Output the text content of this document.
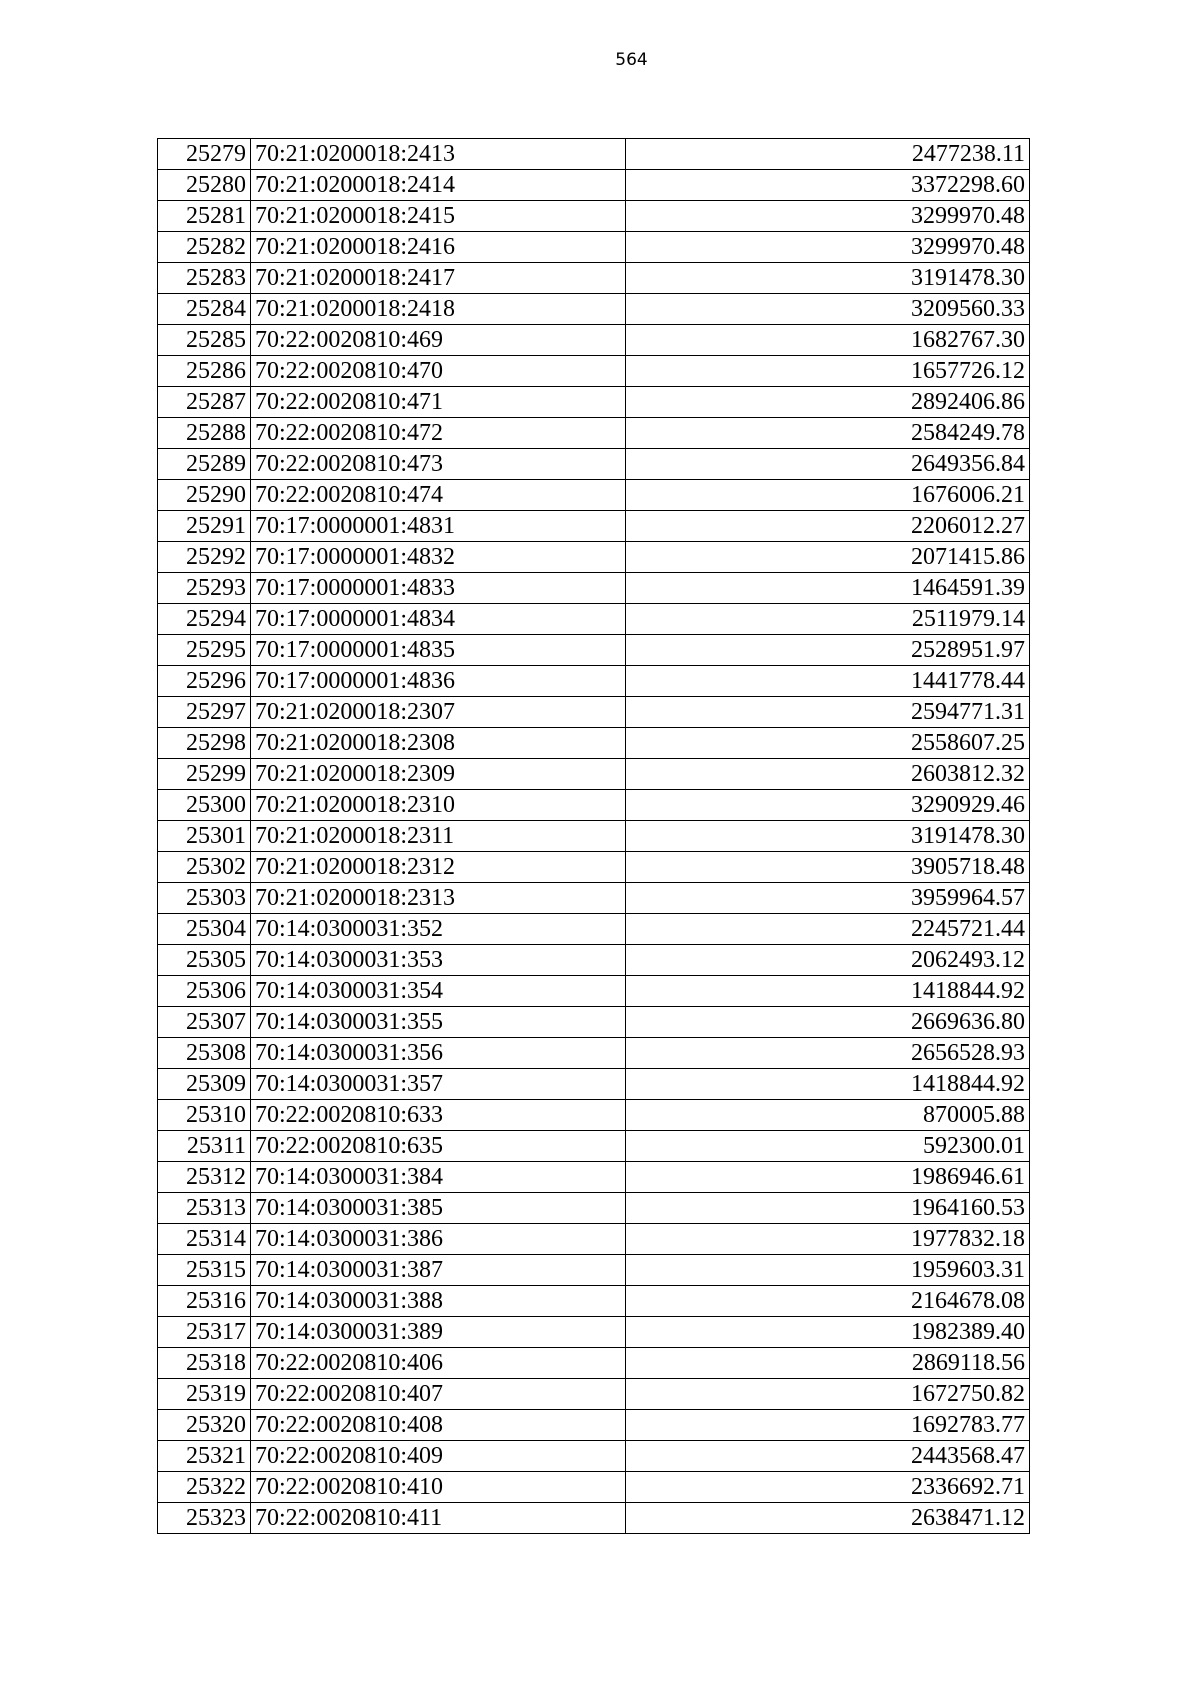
564
25279	70:21:0200018:2413	2477238.11
25280	70:21:0200018:2414	3372298.60
25281	70:21:0200018:2415	3299970.48
25282	70:21:0200018:2416	3299970.48
25283	70:21:0200018:2417	3191478.30
25284	70:21:0200018:2418	3209560.33
25285	70:22:0020810:469	1682767.30
25286	70:22:0020810:470	1657726.12
25287	70:22:0020810:471	2892406.86
25288	70:22:0020810:472	2584249.78
25289	70:22:0020810:473	2649356.84
25290	70:22:0020810:474	1676006.21
25291	70:17:0000001:4831	2206012.27
25292	70:17:0000001:4832	2071415.86
25293	70:17:0000001:4833	1464591.39
25294	70:17:0000001:4834	2511979.14
25295	70:17:0000001:4835	2528951.97
25296	70:17:0000001:4836	1441778.44
25297	70:21:0200018:2307	2594771.31
25298	70:21:0200018:2308	2558607.25
25299	70:21:0200018:2309	2603812.32
25300	70:21:0200018:2310	3290929.46
25301	70:21:0200018:2311	3191478.30
25302	70:21:0200018:2312	3905718.48
25303	70:21:0200018:2313	3959964.57
25304	70:14:0300031:352	2245721.44
25305	70:14:0300031:353	2062493.12
25306	70:14:0300031:354	1418844.92
25307	70:14:0300031:355	2669636.80
25308	70:14:0300031:356	2656528.93
25309	70:14:0300031:357	1418844.92
25310	70:22:0020810:633	870005.88
25311	70:22:0020810:635	592300.01
25312	70:14:0300031:384	1986946.61
25313	70:14:0300031:385	1964160.53
25314	70:14:0300031:386	1977832.18
25315	70:14:0300031:387	1959603.31
25316	70:14:0300031:388	2164678.08
25317	70:14:0300031:389	1982389.40
25318	70:22:0020810:406	2869118.56
25319	70:22:0020810:407	1672750.82
25320	70:22:0020810:408	1692783.77
25321	70:22:0020810:409	2443568.47
25322	70:22:0020810:410	2336692.71
25323	70:22:0020810:411	2638471.12
